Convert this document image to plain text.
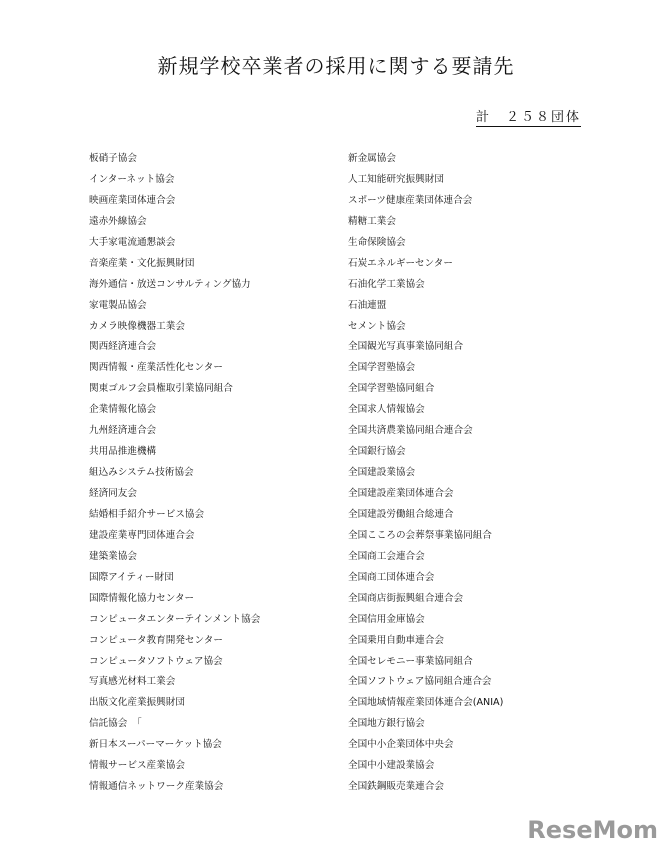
新規学校卒業者の採用に関する要請先
計　２５８団体
板硝子協会
インターネット協会
映画産業団体連合会
遠赤外線協会
大手家電流通懇談会
音楽産業・文化振興財団
海外通信・放送コンサルティング協力
家電製品協会
カメラ映像機器工業会
関西経済連合会
関西情報・産業活性化センター
関東ゴルフ会員権取引業協同組合
企業情報化協会
九州経済連合会
共用品推進機構
組込みシステム技術協会
経済同友会
結婚相手紹介サービス協会
建設産業専門団体連合会
建築業協会
国際アイティー財団
国際情報化協力センター
コンピュータエンターテインメント協会
コンピュータ教育開発センター
コンピュータソフトウェア協会
写真感光材料工業会
出版文化産業振興財団
信託協会　「
新日本スーパーマーケット協会
情報サービス産業協会
情報通信ネットワーク産業協会
新金属協会
人工知能研究振興財団
スポーツ健康産業団体連合会
精糖工業会
生命保険協会
石炭エネルギーセンター
石油化学工業協会
石油連盟
セメント協会
全国観光写真事業協同組合
全国学習塾協会
全国学習塾協同組合
全国求人情報協会
全国共済農業協同組合連合会
全国銀行協会
全国建設業協会
全国建設産業団体連合会
全国建設労働組合総連合
全国こころの会葬祭事業協同組合
全国商工会連合会
全国商工団体連合会
全国商店街振興組合連合会
全国信用金庫協会
全国乗用自動車連合会
全国セレモニー事業協同組合
全国ソフトウェア協同組合連合会
全国地域情報産業団体連合会(ANIA)
全国地方銀行協会
全国中小企業団体中央会
全国中小建設業協会
全国鉄鋼販売業連合会
ReseMom
